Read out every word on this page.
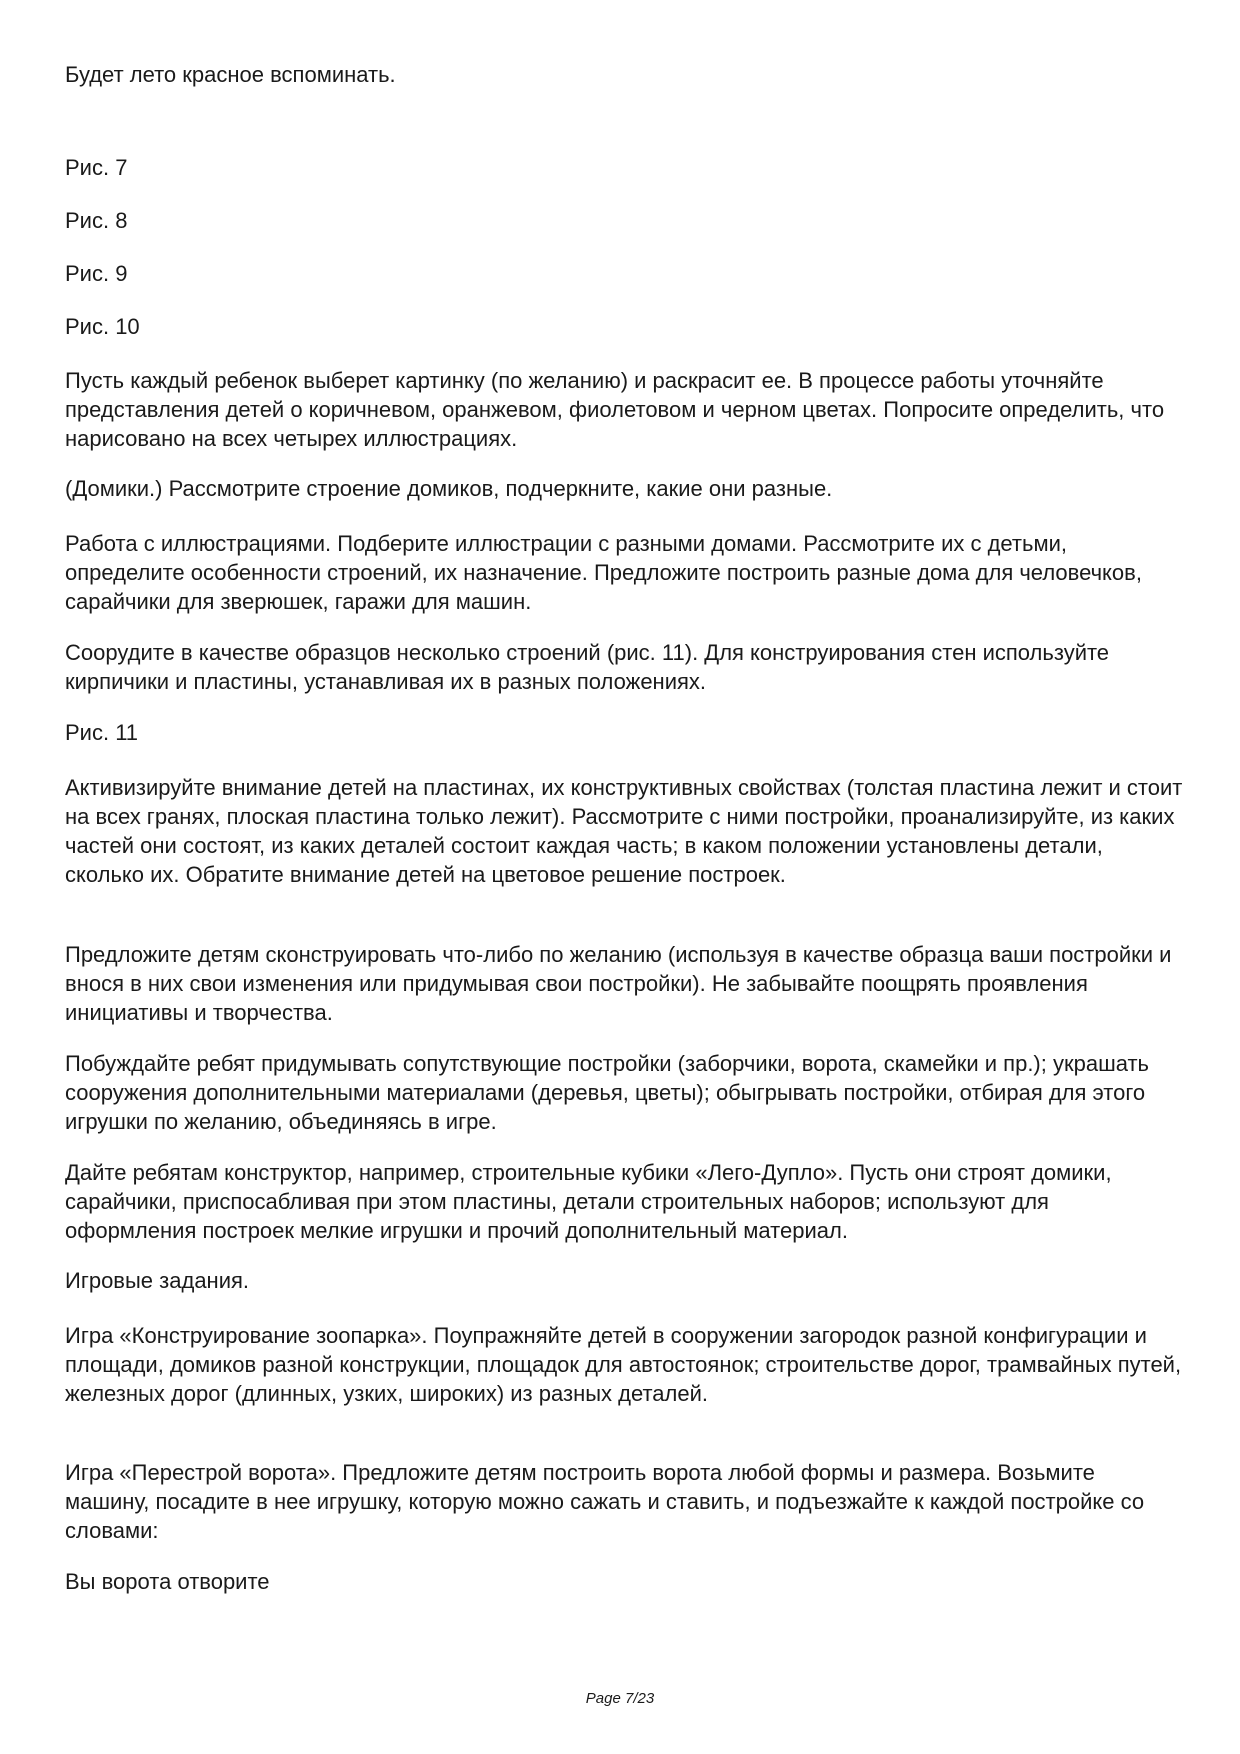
Будет лето красное вспоминать.

Рис. 7

Рис. 8

Рис. 9

Рис. 10

Пусть каждый ребенок выберет картинку (по желанию) и раскрасит ее. В процессе работы уточняйте представления детей о коричневом, оранжевом, фиолетовом и черном цветах. Попросите определить, что нарисовано на всех четырех иллюстрациях.

(Домики.) Рассмотрите строение домиков, подчеркните, какие они разные.

Работа с иллюстрациями. Подберите иллюстрации с разными домами. Рассмотрите их с детьми, определите особенности строений, их назначение. Предложите построить разные дома для человечков, сарайчики для зверюшек, гаражи для машин.

Соорудите в качестве образцов несколько строений (рис. 11). Для конструирования стен используйте кирпичики и пластины, устанавливая их в разных положениях.

Рис. 11

Активизируйте внимание детей на пластинах, их конструктивных свойствах (толстая пластина лежит и стоит на всех гранях, плоская пластина только лежит). Рассмотрите с ними постройки, проанализируйте, из каких частей они состоят, из каких деталей состоит каждая часть; в каком положении установлены детали, сколько их. Обратите внимание детей на цветовое решение построек.

Предложите детям сконструировать что-либо по желанию (используя в качестве образца ваши постройки и внося в них свои изменения или придумывая свои постройки). Не забывайте поощрять проявления инициативы и творчества.

Побуждайте ребят придумывать сопутствующие постройки (заборчики, ворота, скамейки и пр.); украшать сооружения дополнительными материалами (деревья, цветы); обыгрывать постройки, отбирая для этого игрушки по желанию, объединяясь в игре.

Дайте ребятам конструктор, например, строительные кубики «Лего-Дупло». Пусть они строят домики, сарайчики, приспосабливая при этом пластины, детали строительных наборов; используют для оформления построек мелкие игрушки и прочий дополнительный материал.

Игровые задания.

Игра «Конструирование зоопарка». Поупражняйте детей в сооружении загородок разной конфигурации и площади, домиков разной конструкции, площадок для автостоянок; строительстве дорог, трамвайных путей, железных дорог (длинных, узких, широких) из разных деталей.

Игра «Перестрой ворота». Предложите детям построить ворота любой формы и размера. Возьмите машину, посадите в нее игрушку, которую можно сажать и ставить, и подъезжайте к каждой постройке со словами:

Вы ворота отворите

Page 7/23
